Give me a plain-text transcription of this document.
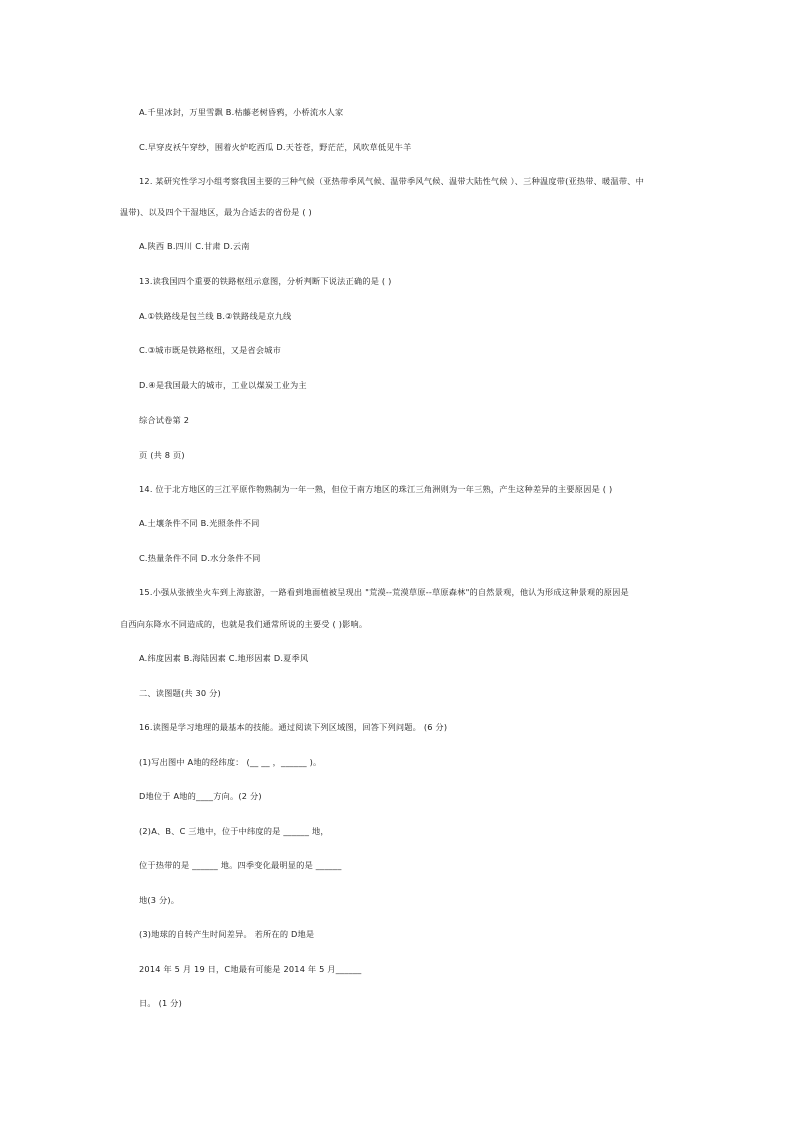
A.千里冰封，万里雪飘 B.枯藤老树昏鸦，小桥流水人家
C.早穿皮袄午穿纱，围着火炉吃西瓜 D.天苍苍，野茫茫，风吹草低见牛羊
12. 某研究性学习小组考察我国主要的三种气候（亚热带季风气候、温带季风气候、温带大陆性气候 ）、三种温度带(亚热带、暖温带、中
温带)、以及四个干湿地区，最为合适去的省份是 ( )
A.陕西 B.四川 C.甘肃 D.云南
13.读我国四个重要的铁路枢纽示意图，分析判断下说法正确的是 ( )
A.①铁路线是包兰线 B.②铁路线是京九线
C.③城市既是铁路枢纽，又是省会城市
D.④是我国最大的城市，工业以煤炭工业为主
综合试卷第 2
页 (共 8 页)
14. 位于北方地区的三江平原作物熟制为一年一熟，但位于南方地区的珠江三角洲则为一年三熟，产生这种差异的主要原因是 ( )
A.土壤条件不同 B.光照条件不同
C.热量条件不同 D.水分条件不同
15.小强从张掖坐火车到上海旅游，一路看到地面植被呈现出 "荒漠--荒漠草原--草原森林"的自然景观，他认为形成这种景观的原因是
自西向东降水不同造成的，也就是我们通常所说的主要受 ( )影响。
A.纬度因素 B.海陆因素 C.地形因素 D.夏季风
二、读图题(共 30 分)
16.读图是学习地理的最基本的技能。通过阅读下列区域图，回答下列问题。 (6 分)
(1)写出图中 A地的经纬度： (__ __ ，______ )。
D地位于 A地的____方向。(2 分)
(2)A、B、C 三地中，位于中纬度的是 ______ 地，
位于热带的是 ______ 地。四季变化最明显的是 ______
地(3 分)。
(3)地球的自转产生时间差异。 若所在的 D地是
2014 年 5 月 19 日，C地最有可能是 2014 年 5 月______
日。 (1 分)
